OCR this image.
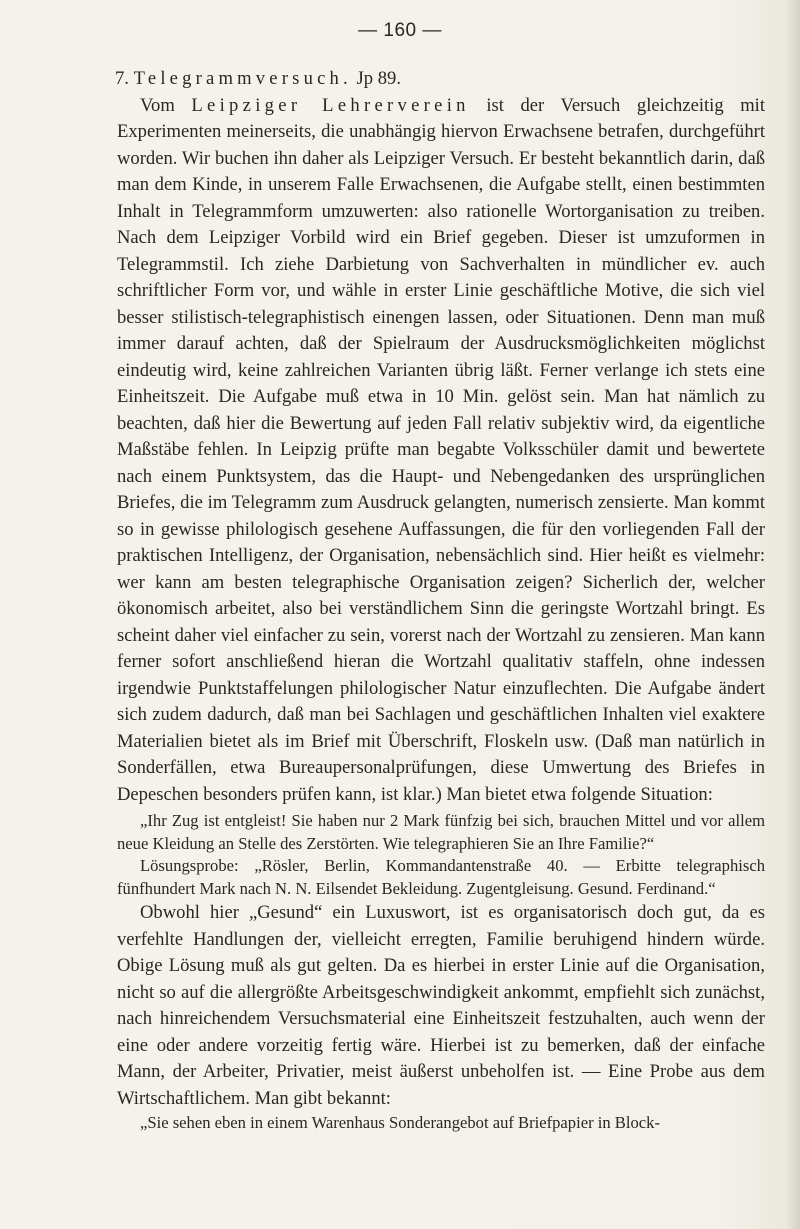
— 160 —

7. Telegrammversuch. Jp 89.

Vom Leipziger Lehrerverein ist der Versuch gleichzeitig mit Experimenten meinerseits, die unabhängig hiervon Erwachsene betrafen, durchgeführt worden. Wir buchen ihn daher als Leipziger Versuch. Er besteht bekanntlich darin, daß man dem Kinde, in unserem Falle Erwachsenen, die Aufgabe stellt, einen bestimmten Inhalt in Telegrammform umzuwerten: also rationelle Wortorganisation zu treiben. Nach dem Leipziger Vorbild wird ein Brief gegeben. Dieser ist umzuformen in Telegrammstil. Ich ziehe Darbietung von Sachverhalten in mündlicher ev. auch schriftlicher Form vor, und wähle in erster Linie geschäftliche Motive, die sich viel besser stilistisch-telegraphistisch einengen lassen, oder Situationen. Denn man muß immer darauf achten, daß der Spielraum der Ausdrucksmöglichkeiten möglichst eindeutig wird, keine zahlreichen Varianten übrig läßt. Ferner verlange ich stets eine Einheitszeit. Die Aufgabe muß etwa in 10 Min. gelöst sein. Man hat nämlich zu beachten, daß hier die Bewertung auf jeden Fall relativ subjektiv wird, da eigentliche Maßstäbe fehlen. In Leipzig prüfte man begabte Volksschüler damit und bewertete nach einem Punktsystem, das die Haupt- und Nebengedanken des ursprünglichen Briefes, die im Telegramm zum Ausdruck gelangten, numerisch zensierte. Man kommt so in gewisse philologisch gesehene Auffassungen, die für den vorliegenden Fall der praktischen Intelligenz, der Organisation, nebensächlich sind. Hier heißt es vielmehr: wer kann am besten telegraphische Organisation zeigen? Sicherlich der, welcher ökonomisch arbeitet, also bei verständlichem Sinn die geringste Wortzahl bringt. Es scheint daher viel einfacher zu sein, vorerst nach der Wortzahl zu zensieren. Man kann ferner sofort anschließend hieran die Wortzahl qualitativ staffeln, ohne indessen irgendwie Punktstaffelungen philologischer Natur einzuflechten. Die Aufgabe ändert sich zudem dadurch, daß man bei Sachlagen und geschäftlichen Inhalten viel exaktere Materialien bietet als im Brief mit Überschrift, Floskeln usw. (Daß man natürlich in Sonderfällen, etwa Bureaupersonalprüfungen, diese Umwertung des Briefes in Depeschen besonders prüfen kann, ist klar.) Man bietet etwa folgende Situation:

„Ihr Zug ist entgleist! Sie haben nur 2 Mark fünfzig bei sich, brauchen Mittel und vor allem neue Kleidung an Stelle des Zerstörten. Wie telegraphieren Sie an Ihre Familie?“

Lösungsprobe: „Rösler, Berlin, Kommandantenstraße 40. — Erbitte telegraphisch fünfhundert Mark nach N. N. Eilsendet Bekleidung. Zugentgleisung. Gesund. Ferdinand.“

Obwohl hier „Gesund“ ein Luxuswort, ist es organisatorisch doch gut, da es verfehlte Handlungen der, vielleicht erregten, Familie beruhigend hindern würde. Obige Lösung muß als gut gelten. Da es hierbei in erster Linie auf die Organisation, nicht so auf die allergrößte Arbeitsgeschwindigkeit ankommt, empfiehlt sich zunächst, nach hinreichendem Versuchsmaterial eine Einheitszeit festzuhalten, auch wenn der eine oder andere vorzeitig fertig wäre. Hierbei ist zu bemerken, daß der einfache Mann, der Arbeiter, Privatier, meist äußerst unbeholfen ist. — Eine Probe aus dem Wirtschaftlichem. Man gibt bekannt:

„Sie sehen eben in einem Warenhaus Sonderangebot auf Briefpapier in Block-
